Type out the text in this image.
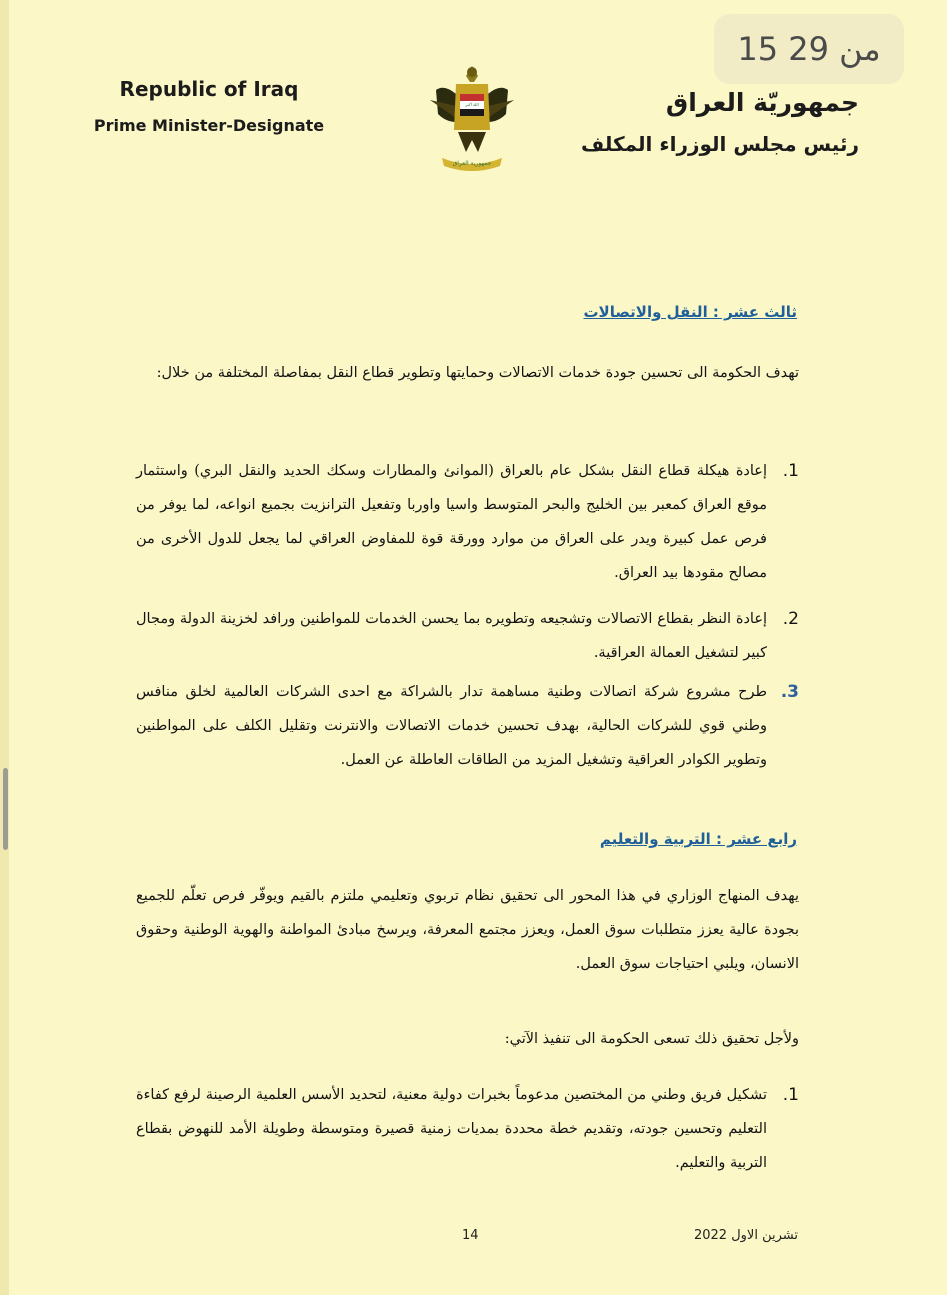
15 من 29
Republic of Iraq
Prime Minister-Designate
جمهورية العراق
الله أكبر	جمهوريّة العراق
رئيس مجلس الوزراء المكلف
ثالث عشر : النقل والاتصالات
تهدف الحكومة الى تحسين جودة خدمات الاتصالات وحمايتها وتطوير قطاع النقل بمفاصلة المختلفة من خلال:
1.
إعادة هيكلة قطاع النقل بشكل عام بالعراق (الموانئ والمطارات وسكك الحديد والنقل البري) واستثمار موقع العراق كمعبر بين الخليج والبحر المتوسط واسيا واوربا وتفعيل الترانزيت بجميع انواعه، لما يوفر من فرص عمل كبيرة ويدر على العراق من موارد وورقة قوة للمفاوض العراقي لما يجعل للدول الأخرى من مصالح مقودها بيد العراق.
2.
إعادة النظر بقطاع الاتصالات وتشجيعه وتطويره بما يحسن الخدمات للمواطنين ورافد لخزينة الدولة ومجال كبير لتشغيل العمالة العراقية.
3.
طرح مشروع شركة اتصالات وطنية مساهمة تدار بالشراكة مع احدى الشركات العالمية لخلق منافس وطني قوي للشركات الحالية، بهدف تحسين خدمات الاتصالات والانترنت وتقليل الكلف على المواطنين وتطوير الكوادر العراقية وتشغيل المزيد من الطاقات العاطلة عن العمل.
رابع عشر : التربية والتعليم
يهدف المنهاج الوزاري في هذا المحور الى تحقيق نظام تربوي وتعليمي ملتزم بالقيم ويوفّر فرص تعلّم للجميع بجودة عالية يعزز متطلبات سوق العمل، ويعزز مجتمع المعرفة، ويرسخ مبادئ المواطنة والهوية الوطنية وحقوق الانسان، ويلبي احتياجات سوق العمل.
ولأجل تحقيق ذلك تسعى الحكومة الى تنفيذ الآتي:
1.
تشكيل فريق وطني من المختصين مدعوماً بخبرات دولية معنية، لتحديد الأسس العلمية الرصينة لرفع كفاءة التعليم وتحسين جودته، وتقديم خطة محددة بمديات زمنية قصيرة ومتوسطة وطويلة الأمد للنهوض بقطاع التربية والتعليم.
تشرين الاول 2022
14
